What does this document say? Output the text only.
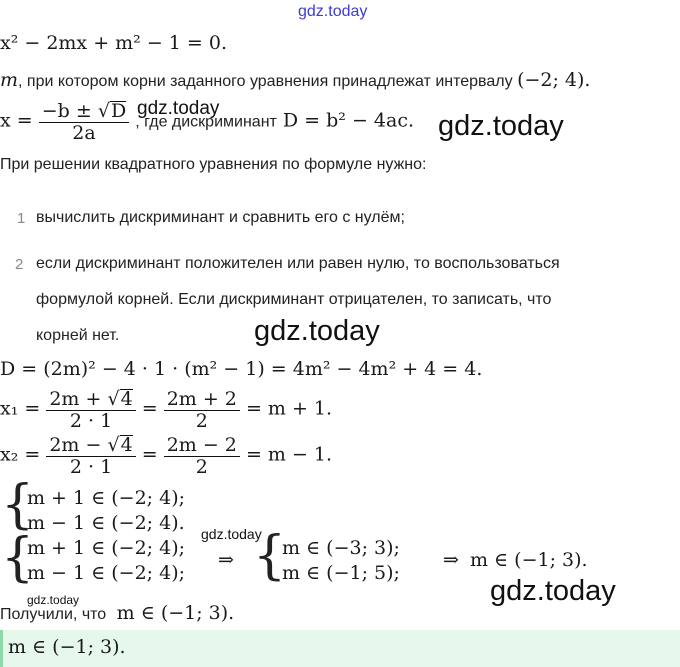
gdz.today
x² − 2mx + m² − 1 = 0.
m, при котором корни заданного уравнения принадлежат интервалу (−2; 4).
$x = \frac{-b \pm √D}{2a}$ , где дискриминант D = b² − 4ac.
gdz.today
gdz.today
При решении квадратного уравнения по формуле нужно:
1 вычислить дискриминант и сравнить его с нулём;
2 если дискриминант положителен или равен нулю, то воспользоваться
формулой корней. Если дискриминант отрицателен, то записать, что
корней нет.	gdz.today
D = (2m)² − 4 · 1 · (m² − 1) = 4m² − 4m² + 4 = 4.
$x_1 = \frac{2m + √4}{2 \cdot 1} = \frac{2m + 2}{2} = m + 1$.
$x_2 = \frac{2m - √4}{2 \cdot 1} = \frac{2m - 2}{2} = m - 1$.
{
m + 1 ∈ (−2; 4);
m − 1 ∈ (−2; 4).
{
m + 1 ∈ (−2; 4);
m − 1 ∈ (−2; 4);
gdz.today
⇒ {
m ∈ (−3; 3);
m ∈ (−1; 5);
⇒ m ∈ (−1; 3).
gdz.today
gdz.today
Получили, что m ∈ (−1; 3).
m ∈ (−1; 3).
